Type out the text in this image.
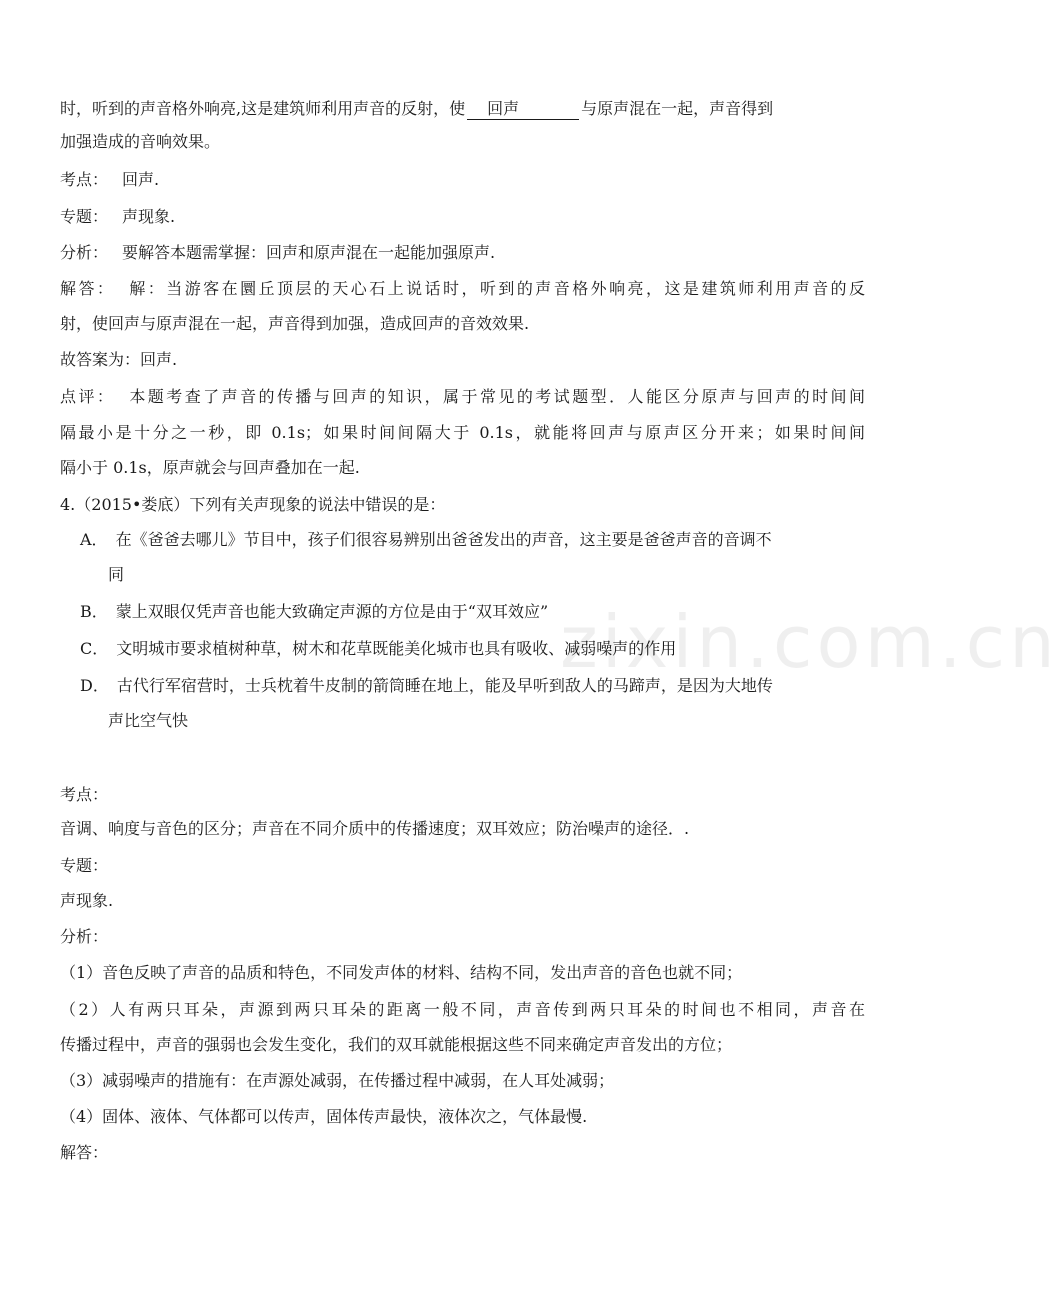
时，听到的声音格外响亮,这是建筑师利用声音的反射，使 回声	与原声混在一起，声音得到
加强造成的音响效果。
考点： 回声.
专题： 声现象.
分析： 要解答本题需掌握：回声和原声混在一起能加强原声.
解答： 解：当游客在圜丘顶层的天心石上说话时，听到的声音格外响亮，这是建筑师利用声音的反
射，使回声与原声混在一起，声音得到加强，造成回声的音效效果.
故答案为：回声.
点评： 本题考查了声音的传播与回声的知识，属于常见的考试题型．人能区分原声与回声的时间间
隔最小是十分之一秒，即 0.1s；如果时间间隔大于 0.1s，就能将回声与原声区分开来；如果时间间
隔小于 0.1s，原声就会与回声叠加在一起.
4.（2015•娄底）下列有关声现象的说法中错误的是：
A． 在《爸爸去哪儿》节目中，孩子们很容易辨别出爸爸发出的声音，这主要是爸爸声音的音调不
同
B． 蒙上双眼仅凭声音也能大致确定声源的方位是由于“双耳效应”
C． 文明城市要求植树种草，树木和花草既能美化城市也具有吸收、减弱噪声的作用
D． 古代行军宿营时，士兵枕着牛皮制的箭筒睡在地上，能及早听到敌人的马蹄声，是因为大地传
声比空气快
考点：
音调、响度与音色的区分；声音在不同介质中的传播速度；双耳效应；防治噪声的途径．.
专题：
声现象.
分析：
（1）音色反映了声音的品质和特色，不同发声体的材料、结构不同，发出声音的音色也就不同；
（2）人有两只耳朵，声源到两只耳朵的距离一般不同，声音传到两只耳朵的时间也不相同，声音在
传播过程中，声音的强弱也会发生变化，我们的双耳就能根据这些不同来确定声音发出的方位；
（3）减弱噪声的措施有：在声源处减弱，在传播过程中减弱，在人耳处减弱；
（4）固体、液体、气体都可以传声，固体传声最快，液体次之，气体最慢.
解答：
zixin.com.cn
